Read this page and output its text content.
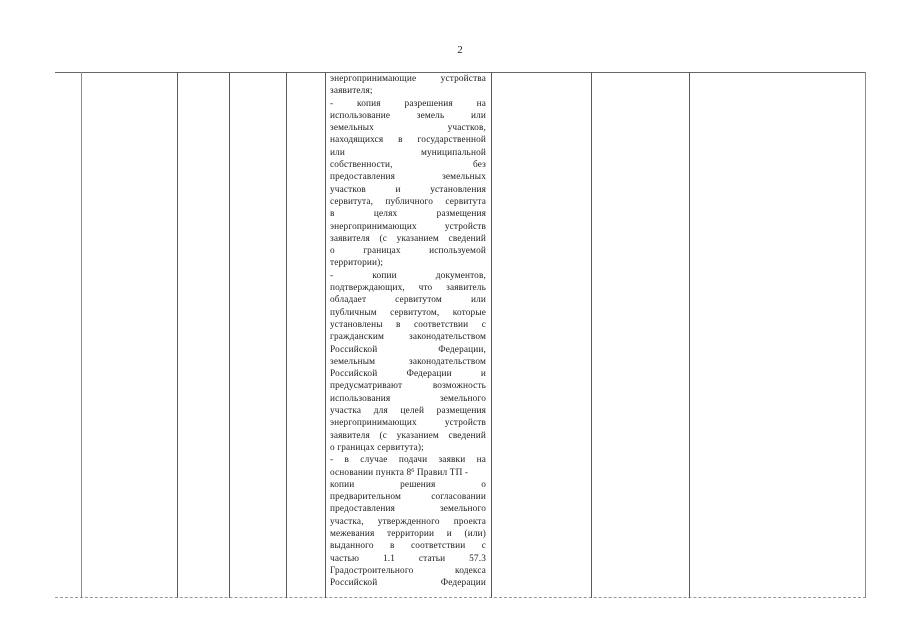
2
энергопринимающие устройства
заявителя;
- копия разрешения на
использование земель или
земельных участков,
находящихся в государственной
или муниципальной
собственности, без
предоставления земельных
участков и установления
сервитута, публичного сервитута
в целях размещения
энергопринимающих устройств
заявителя (с указанием сведений
о границах используемой
территории);
- копии документов,
подтверждающих, что заявитель
обладает сервитутом или
публичным сервитутом, которые
установлены в соответствии с
гражданским законодательством
Российской Федерации,
земельным законодательством
Российской Федерации и
предусматривают возможность
использования земельного
участка для целей размещения
энергопринимающих устройств
заявителя (с указанием сведений
о границах сервитута);
- в случае подачи заявки на
основании пункта $8^6$ Правил ТП -
копии решения о
предварительном согласовании
предоставления земельного
участка, утвержденного проекта
межевания территории и (или)
выданного в соответствии с
частью 1.1 статьи 57.3
Градостроительного кодекса
Российской Федерации
